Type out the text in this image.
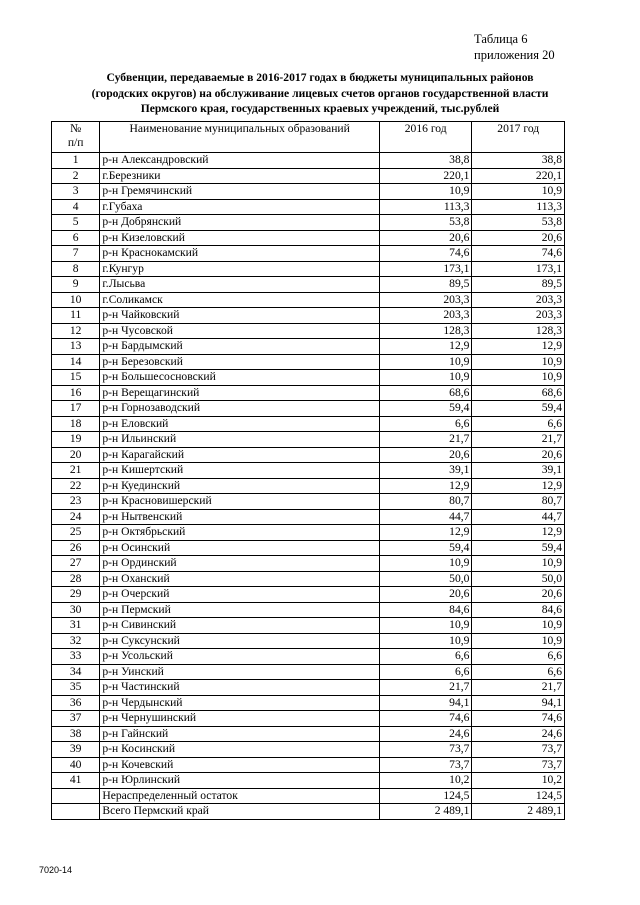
Таблица 6
приложения 20
Субвенции, передаваемые в 2016-2017 годах в бюджеты муниципальных районов
(городских округов) на обслуживание лицевых счетов органов государственной власти
Пермского края, государственных краевых учреждений, тыс.рублей
№
п/п	Наименование муниципальных образований	2016 год	2017 год
1	р-н Александровский	38,8	38,8
2	г.Березники	220,1	220,1
3	р-н Гремячинский	10,9	10,9
4	г.Губаха	113,3	113,3
5	р-н Добрянский	53,8	53,8
6	р-н Кизеловский	20,6	20,6
7	р-н Краснокамский	74,6	74,6
8	г.Кунгур	173,1	173,1
9	г.Лысьва	89,5	89,5
10	г.Соликамск	203,3	203,3
11	р-н Чайковский	203,3	203,3
12	р-н Чусовской	128,3	128,3
13	р-н Бардымский	12,9	12,9
14	р-н Березовский	10,9	10,9
15	р-н Большесосновский	10,9	10,9
16	р-н Верещагинский	68,6	68,6
17	р-н Горнозаводский	59,4	59,4
18	р-н Еловский	6,6	6,6
19	р-н Ильинский	21,7	21,7
20	р-н Карагайский	20,6	20,6
21	р-н Кишертский	39,1	39,1
22	р-н Куединский	12,9	12,9
23	р-н Красновишерский	80,7	80,7
24	р-н Нытвенский	44,7	44,7
25	р-н Октябрьский	12,9	12,9
26	р-н Осинский	59,4	59,4
27	р-н Ординский	10,9	10,9
28	р-н Оханский	50,0	50,0
29	р-н Очерский	20,6	20,6
30	р-н Пермский	84,6	84,6
31	р-н Сивинский	10,9	10,9
32	р-н Суксунский	10,9	10,9
33	р-н Усольский	6,6	6,6
34	р-н Уинский	6,6	6,6
35	р-н Частинский	21,7	21,7
36	р-н Чердынский	94,1	94,1
37	р-н Чернушинский	74,6	74,6
38	р-н Гайнский	24,6	24,6
39	р-н Косинский	73,7	73,7
40	р-н Кочевский	73,7	73,7
41	р-н Юрлинский	10,2	10,2
	Нераспределенный остаток	124,5	124,5
	Всего Пермский край	2 489,1	2 489,1
7020-14
